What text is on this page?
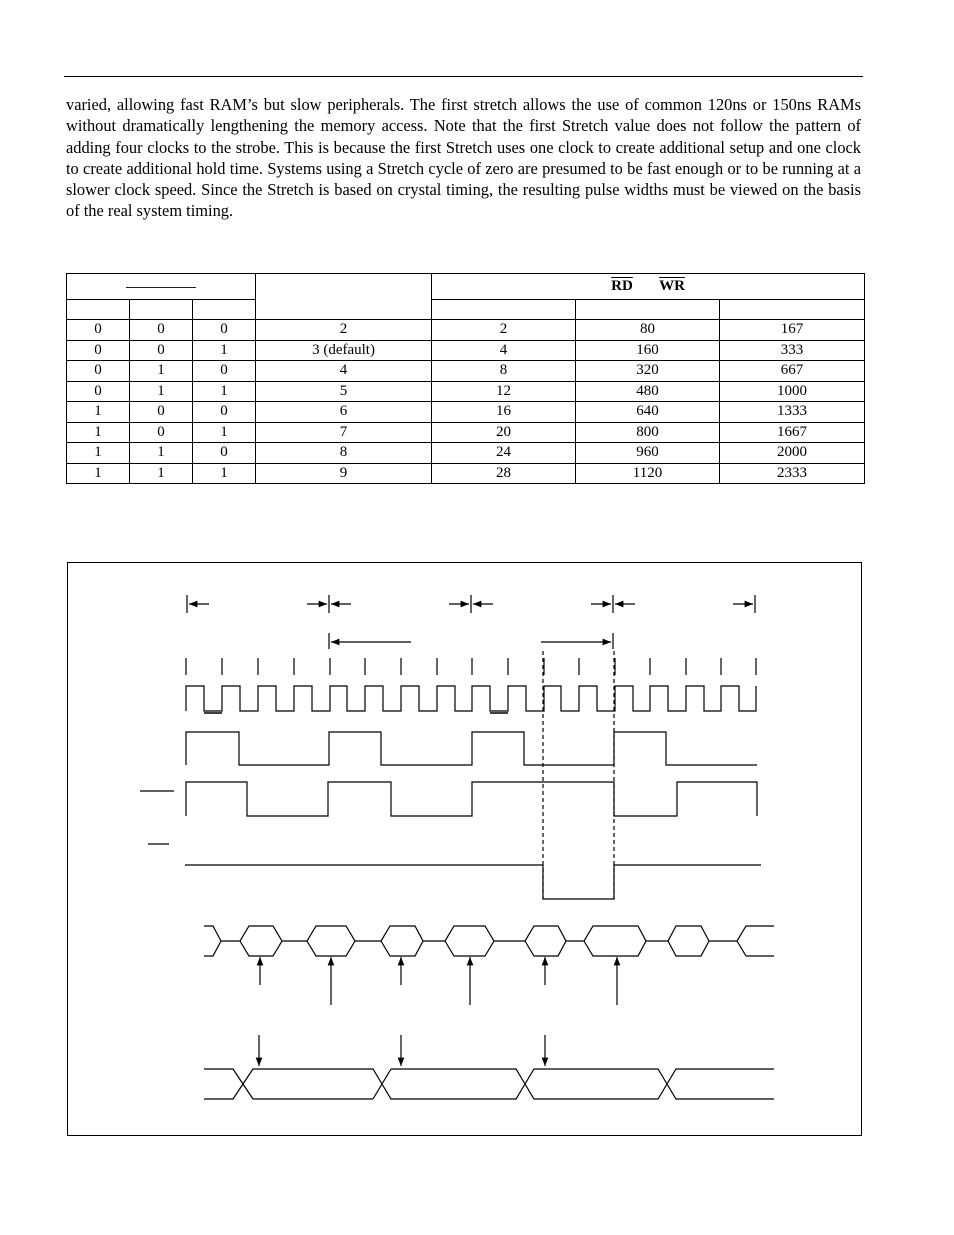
varied, allowing fast RAM’s but slow peripherals. The first stretch allows the use of common 120ns or 150ns RAMs without dramatically lengthening the memory access. Note that the first Stretch value does not follow the pattern of adding four clocks to the strobe. This is because the first Stretch uses one clock to create additional setup and one clock to create additional hold time. Systems using a Stretch cycle of zero are presumed to be fast enough or to be running at a slower clock speed. Since the Stretch is based on crystal timing, the resulting pulse widths must be viewed on the basis of the real system timing.

				$\overline{RD}$ $\overline{WR}$

0	0	0	2	2	80	167
0	0	1	3 (default)	4	160	333
0	1	0	4	8	320	667
0	1	1	5	12	480	1000
1	0	0	6	16	640	1333
1	0	1	7	20	800	1667
1	1	0	8	24	960	2000
1	1	1	9	28	1120	2333
